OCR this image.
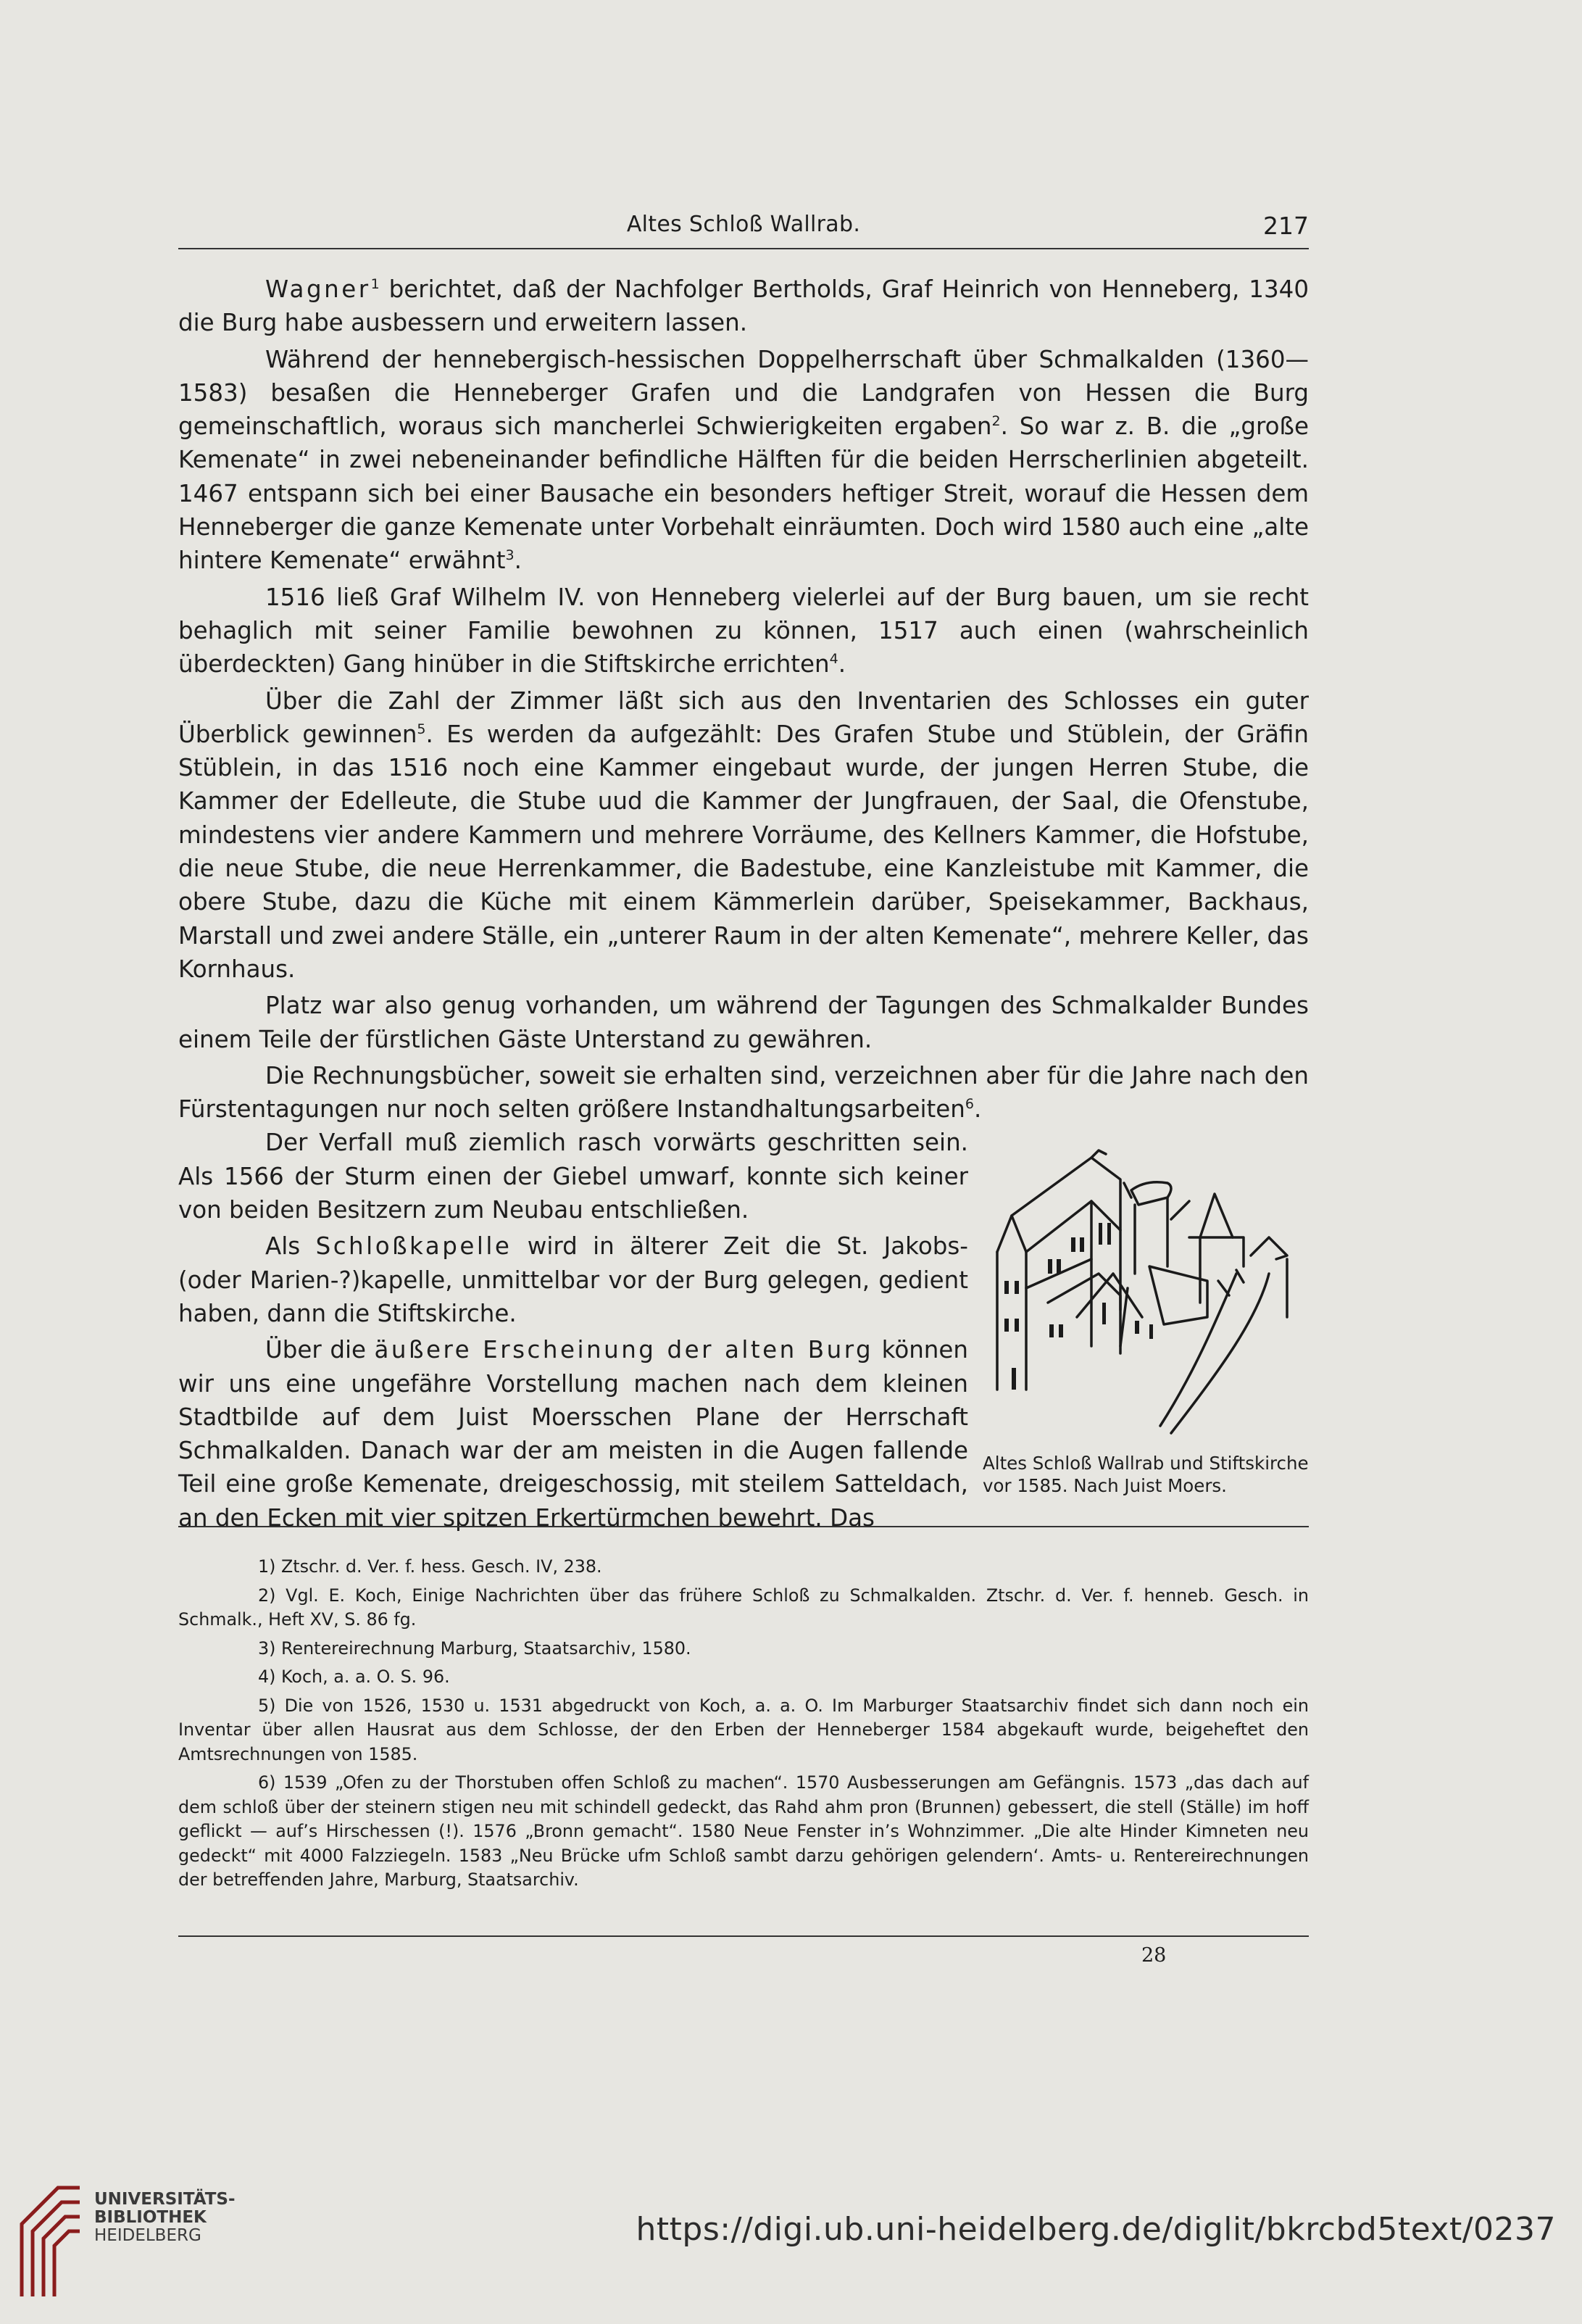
Altes Schloß Wallrab.	217

Wagner$^1$ berichtet, daß der Nachfolger Bertholds, Graf Heinrich von Henneberg, 1340 die Burg habe ausbessern und erweitern lassen.

Während der hennebergisch-hessischen Doppelherrschaft über Schmalkalden (1360—1583) besaßen die Henneberger Grafen und die Landgrafen von Hessen die Burg gemeinschaftlich, woraus sich mancherlei Schwierigkeiten ergaben$^2$. So war z. B. die „große Kemenate“ in zwei nebeneinander befindliche Hälften für die beiden Herrscherlinien abgeteilt. 1467 entspann sich bei einer Bausache ein besonders heftiger Streit, worauf die Hessen dem Henneberger die ganze Kemenate unter Vorbehalt einräumten. Doch wird 1580 auch eine „alte hintere Kemenate“ erwähnt$^3$.

1516 ließ Graf Wilhelm IV. von Henneberg vielerlei auf der Burg bauen, um sie recht behaglich mit seiner Familie bewohnen zu können, 1517 auch einen (wahrscheinlich überdeckten) Gang hinüber in die Stiftskirche errichten$^4$.

Über die Zahl der Zimmer läßt sich aus den Inventarien des Schlosses ein guter Überblick gewinnen$^5$. Es werden da aufgezählt: Des Grafen Stube und Stüblein, der Gräfin Stüblein, in das 1516 noch eine Kammer eingebaut wurde, der jungen Herren Stube, die Kammer der Edelleute, die Stube uud die Kammer der Jungfrauen, der Saal, die Ofenstube, mindestens vier andere Kammern und mehrere Vorräume, des Kellners Kammer, die Hofstube, die neue Stube, die neue Herrenkammer, die Badestube, eine Kanzleistube mit Kammer, die obere Stube, dazu die Küche mit einem Kämmerlein darüber, Speisekammer, Backhaus, Marstall und zwei andere Ställe, ein „unterer Raum in der alten Kemenate“, mehrere Keller, das Kornhaus.

Platz war also genug vorhanden, um während der Tagungen des Schmalkalder Bundes einem Teile der fürstlichen Gäste Unterstand zu gewähren.

Die Rechnungsbücher, soweit sie erhalten sind, verzeichnen aber für die Jahre nach den Fürstentagungen nur noch selten größere Instandhaltungsarbeiten$^6$.

Altes Schloß Wallrab und Stiftskirche vor 1585. Nach Juist Moers.

Der Verfall muß ziemlich rasch vorwärts geschritten sein. Als 1566 der Sturm einen der Giebel umwarf, konnte sich keiner von beiden Besitzern zum Neubau entschließen.

Als Schloßkapelle wird in älterer Zeit die St. Jakobs- (oder Marien-?)kapelle, unmittelbar vor der Burg gelegen, gedient haben, dann die Stiftskirche.

Über die äußere Erscheinung der alten Burg können wir uns eine ungefähre Vorstellung machen nach dem kleinen Stadtbilde auf dem Juist Moersschen Plane der Herrschaft Schmalkalden. Danach war der am meisten in die Augen fallende Teil eine große Kemenate, dreigeschossig, mit steilem Satteldach, an den Ecken mit vier spitzen Erkertürmchen bewehrt. Das

1) Ztschr. d. Ver. f. hess. Gesch. IV, 238.

2) Vgl. E. Koch, Einige Nachrichten über das frühere Schloß zu Schmalkalden. Ztschr. d. Ver. f. henneb. Gesch. in Schmalk., Heft XV, S. 86 fg.

3) Rentereirechnung Marburg, Staatsarchiv, 1580.

4) Koch, a. a. O. S. 96.

5) Die von 1526, 1530 u. 1531 abgedruckt von Koch, a. a. O. Im Marburger Staatsarchiv findet sich dann noch ein Inventar über allen Hausrat aus dem Schlosse, der den Erben der Henneberger 1584 abgekauft wurde, beigeheftet den Amtsrechnungen von 1585.

6) 1539 „Ofen zu der Thorstuben offen Schloß zu machen“. 1570 Ausbesserungen am Gefängnis. 1573 „das dach auf dem schloß über der steinern stigen neu mit schindell gedeckt, das Rahd ahm pron (Brunnen) gebessert, die stell (Ställe) im hoff geflickt — auf’s Hirschessen (!). 1576 „Bronn gemacht“. 1580 Neue Fenster in’s Wohnzimmer. „Die alte Hinder Kimneten neu gedeckt“ mit 4000 Falzziegeln. 1583 „Neu Brücke ufm Schloß sambt darzu gehörigen gelendern‘. Amts- u. Rentereirechnungen der betreffenden Jahre, Marburg, Staatsarchiv.

28
UNIVERSITÄTS-
BIBLIOTHEK
HEIDELBERG	https://digi.ub.uni-heidelberg.de/diglit/bkrcbd5text/0237
